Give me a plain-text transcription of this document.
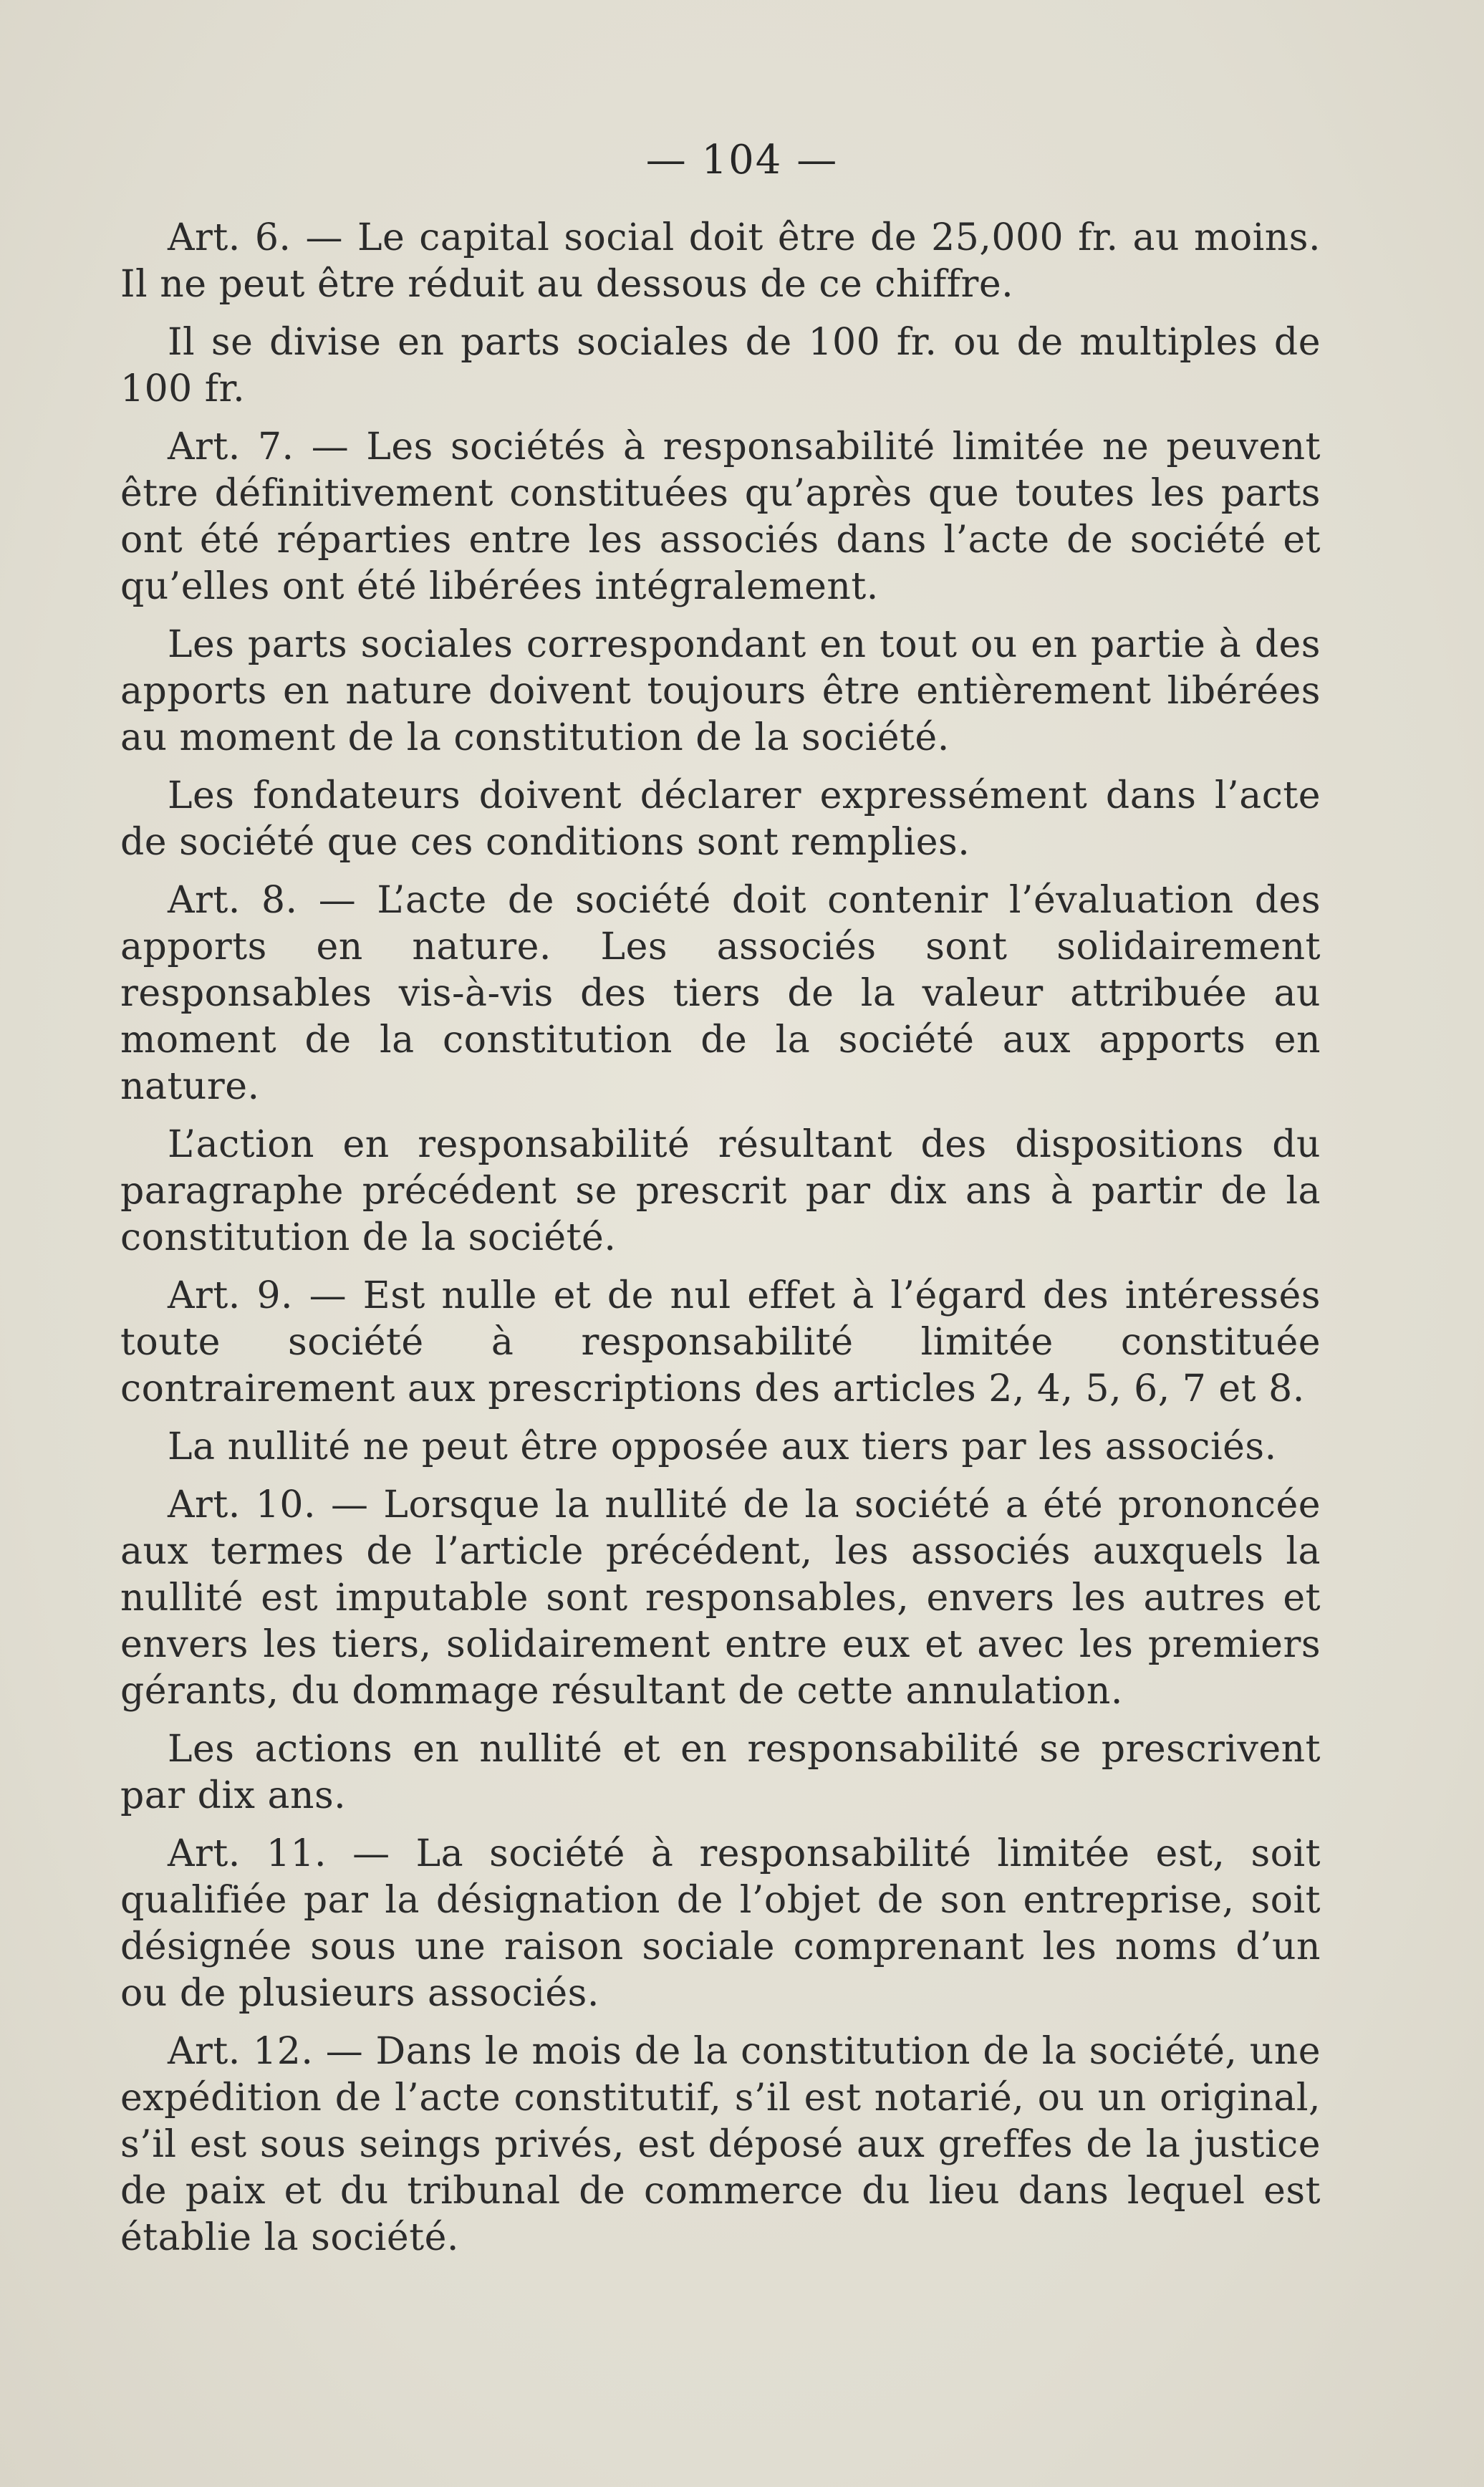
— 104 —

Art. 6. — Le capital social doit être de 25,000 fr. au moins. Il ne peut être réduit au dessous de ce chiffre.

Il se divise en parts sociales de 100 fr. ou de multiples de 100 fr.

Art. 7. — Les sociétés à responsabilité limitée ne peuvent être définitivement constituées qu’après que toutes les parts ont été réparties entre les associés dans l’acte de société et qu’elles ont été libérées intégralement.

Les parts sociales correspondant en tout ou en partie à des apports en nature doivent toujours être entièrement libérées au moment de la constitution de la société.

Les fondateurs doivent déclarer expressément dans l’acte de société que ces conditions sont remplies.

Art. 8. — L’acte de société doit contenir l’évaluation des apports en nature. Les associés sont solidairement responsables vis-à-vis des tiers de la valeur attribuée au moment de la constitution de la société aux apports en nature.

L’action en responsabilité résultant des dispositions du paragraphe précédent se prescrit par dix ans à partir de la constitution de la société.

Art. 9. — Est nulle et de nul effet à l’égard des intéressés toute société à responsabilité limitée constituée contrairement aux prescriptions des articles 2, 4, 5, 6, 7 et 8.

La nullité ne peut être opposée aux tiers par les associés.

Art. 10. — Lorsque la nullité de la société a été prononcée aux termes de l’article précédent, les associés auxquels la nullité est imputable sont responsables, envers les autres et envers les tiers, solidairement entre eux et avec les premiers gérants, du dommage résultant de cette annulation.

Les actions en nullité et en responsabilité se prescrivent par dix ans.

Art. 11. — La société à responsabilité limitée est, soit qualifiée par la désignation de l’objet de son entreprise, soit désignée sous une raison sociale comprenant les noms d’un ou de plusieurs associés.

Art. 12. — Dans le mois de la constitution de la société, une expédition de l’acte constitutif, s’il est notarié, ou un original, s’il est sous seings privés, est déposé aux greffes de la justice de paix et du tribunal de commerce du lieu dans lequel est établie la société.
